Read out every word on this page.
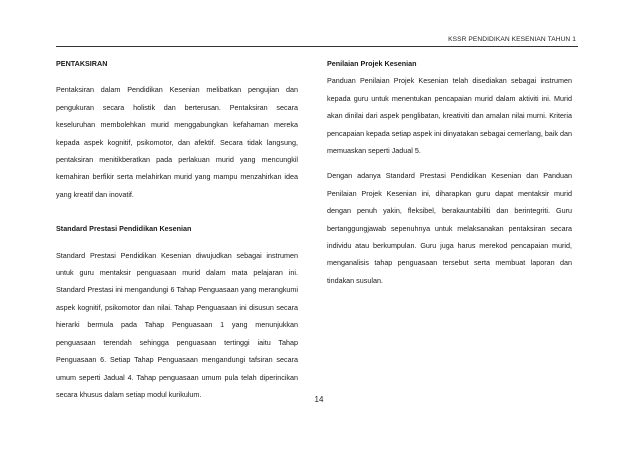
KSSR PENDIDIKAN KESENIAN TAHUN 1

PENTAKSIRAN

Pentaksiran dalam Pendidikan Kesenian melibatkan pengujian dan pengukuran secara holistik dan berterusan. Pentaksiran secara keseluruhan membolehkan murid menggabungkan kefahaman mereka kepada aspek kognitif, psikomotor, dan afektif. Secara tidak langsung, pentaksiran menitikberatkan pada perlakuan murid yang mencungkil kemahiran berfikir serta melahirkan murid yang mampu menzahirkan idea yang kreatif dan inovatif.

Standard Prestasi Pendidikan Kesenian

Standard Prestasi Pendidikan Kesenian diwujudkan sebagai instrumen untuk guru mentaksir penguasaan murid dalam mata pelajaran ini. Standard Prestasi ini mengandungi 6 Tahap Penguasaan yang merangkumi aspek kognitif, psikomotor dan nilai. Tahap Penguasaan ini disusun secara hierarki bermula pada Tahap Penguasaan 1 yang menunjukkan penguasaan terendah sehingga penguasaan tertinggi iaitu Tahap Penguasaan 6. Setiap Tahap Penguasaan mengandungi tafsiran secara umum seperti Jadual 4. Tahap penguasaan umum pula telah diperincikan secara khusus dalam setiap modul kurikulum.

Penilaian Projek Kesenian

Panduan Penilaian Projek Kesenian telah disediakan sebagai instrumen kepada guru untuk menentukan pencapaian murid dalam aktiviti ini. Murid akan dinilai dari aspek penglibatan, kreativiti dan amalan nilai murni. Kriteria pencapaian kepada setiap aspek ini dinyatakan sebagai cemerlang, baik dan memuaskan seperti Jadual 5.

Dengan adanya Standard Prestasi Pendidikan Kesenian dan Panduan Penilaian Projek Kesenian ini, diharapkan guru dapat mentaksir murid dengan penuh yakin, fleksibel, berakauntabiliti dan berintegriti. Guru bertanggungjawab sepenuhnya untuk melaksanakan pentaksiran secara individu atau berkumpulan. Guru juga harus merekod pencapaian murid, menganalisis tahap penguasaan tersebut serta membuat laporan dan tindakan susulan.

14
